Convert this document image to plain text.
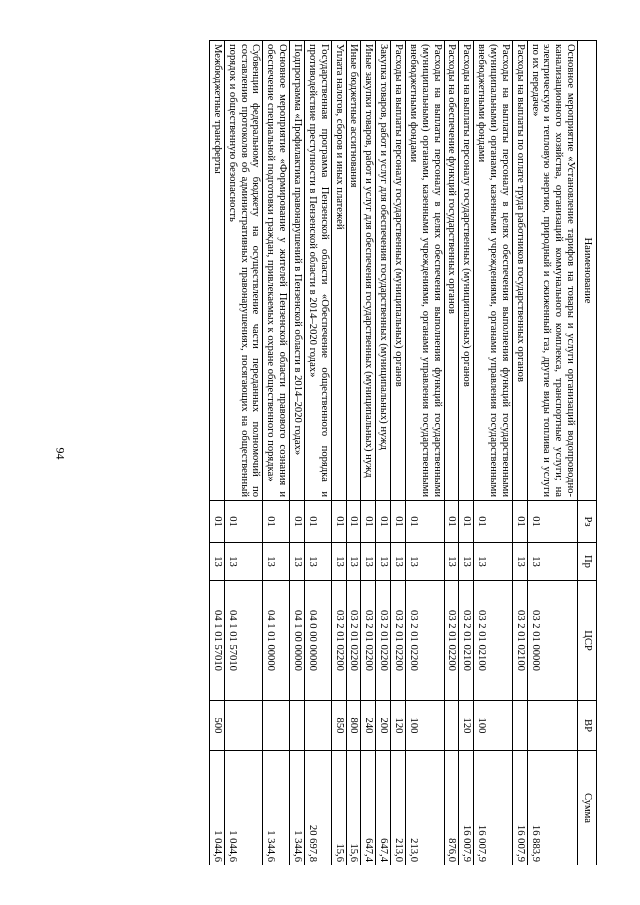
94
Наименование	Рз	Пр	ЦСР	ВР	Сумма
Основное мероприятие «Установление тарифов на товары и услуги организаций водопроводно-канализационного хозяйства, организаций коммунального комплекса, транспортные услуги; на электрическую и тепловую энергию, природный и сжиженный газ, другие виды топлива и услуги по их передаче»	01	13	03 2 01 00000		16 883,9
Расходы на выплаты по оплате труда работников государственных органов	01	13	03 2 01 02100		16 007,9
Расходы на выплаты персоналу в целях обеспечения выполнения функций государственными (муниципальными) органами, казенными учреждениями, органами управления государственными внебюджетными фондами	01	13	03 2 01 02100	100	16 007,9
Расходы на выплаты персоналу государственных (муниципальных) органов	01	13	03 2 01 02100	120	16 007,9
Расходы на обеспечение функций государственных органов	01	13	03 2 01 02200		876,0
Расходы на выплаты персоналу в целях обеспечения выполнения функций государственными (муниципальными) органами, казенными учреждениями, органами управления государственными внебюджетными фондами	01	13	03 2 01 02200	100	213,0
Расходы на выплаты персоналу государственных (муниципальных) органов	01	13	03 2 01 02200	120	213,0
Закупка товаров, работ и услуг для обеспечения государственных (муниципальных) нужд	01	13	03 2 01 02200	200	647,4
Иные закупки товаров, работ и услуг для обеспечения государственных (муниципальных) нужд	01	13	03 2 01 02200	240	647,4
Иные бюджетные ассигнования	01	13	03 2 01 02200	800	15,6
Уплата налогов, сборов и иных платежей	01	13	03 2 01 02200	850	15,6
Государственная программа Пензенской области «Обеспечение общественного порядка и противодействие преступности в Пензенской области в 2014–2020 годах»	01	13	04 0 00 00000		20 697,8
Подпрограмма «Профилактика правонарушений в Пензенской области в 2014–2020 годах»	01	13	04 1 00 00000		1 344,6
Основное мероприятие «Формирование у жителей Пензенской области правового сознания и обеспечение специальной подготовки граждан, привлекаемых к охране общественного порядка»	01	13	04 1 01 00000		1 344,6
Субвенции федеральному бюджету на осуществление части переданных полномочий по составлению протоколов об административных правонарушениях, посягающих на общественный порядок и общественную безопасность	01	13	04 1 01 57010		1 044,6
Межбюджетные трансферты	01	13	04 1 01 57010	500	1 044,6
